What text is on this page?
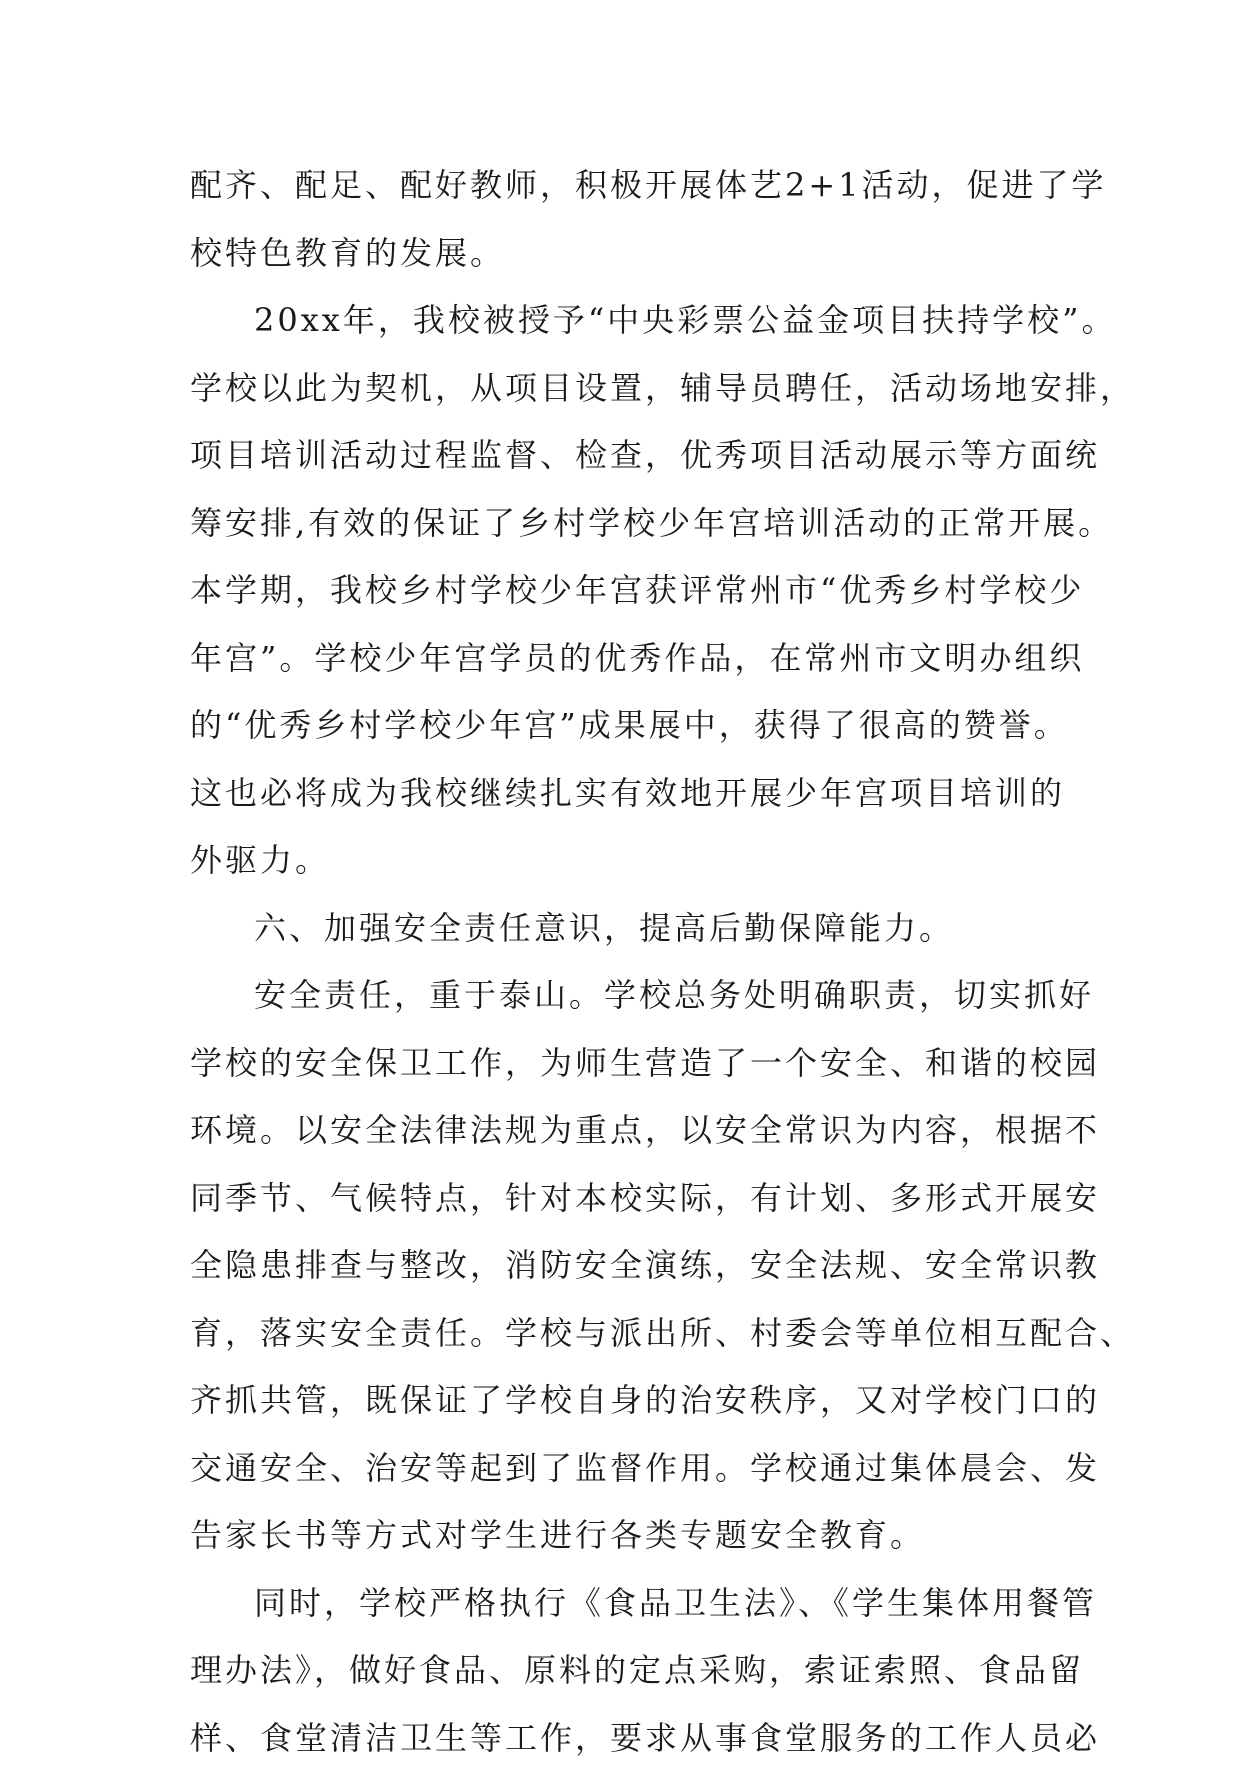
配齐、配足、配好教师，积极开展体艺2+1活动，促进了学
校特色教育的发展。
20xx年，我校被授予“中央彩票公益金项目扶持学校”。
学校以此为契机，从项目设置，辅导员聘任，活动场地安排，
项目培训活动过程监督、检查，优秀项目活动展示等方面统
筹安排,有效的保证了乡村学校少年宫培训活动的正常开展。
本学期，我校乡村学校少年宫获评常州市“优秀乡村学校少
年宫”。学校少年宫学员的优秀作品，在常州市文明办组织
的“优秀乡村学校少年宫”成果展中，获得了很高的赞誉。
这也必将成为我校继续扎实有效地开展少年宫项目培训的
外驱力。
六、加强安全责任意识，提高后勤保障能力。
安全责任，重于泰山。学校总务处明确职责，切实抓好
学校的安全保卫工作，为师生营造了一个安全、和谐的校园
环境。以安全法律法规为重点，以安全常识为内容，根据不
同季节、气候特点，针对本校实际，有计划、多形式开展安
全隐患排查与整改，消防安全演练，安全法规、安全常识教
育，落实安全责任。学校与派出所、村委会等单位相互配合、
齐抓共管，既保证了学校自身的治安秩序，又对学校门口的
交通安全、治安等起到了监督作用。学校通过集体晨会、发
告家长书等方式对学生进行各类专题安全教育。
同时，学校严格执行《食品卫生法》、《学生集体用餐管
理办法》，做好食品、原料的定点采购，索证索照、食品留
样、食堂清洁卫生等工作，要求从事食堂服务的工作人员必
